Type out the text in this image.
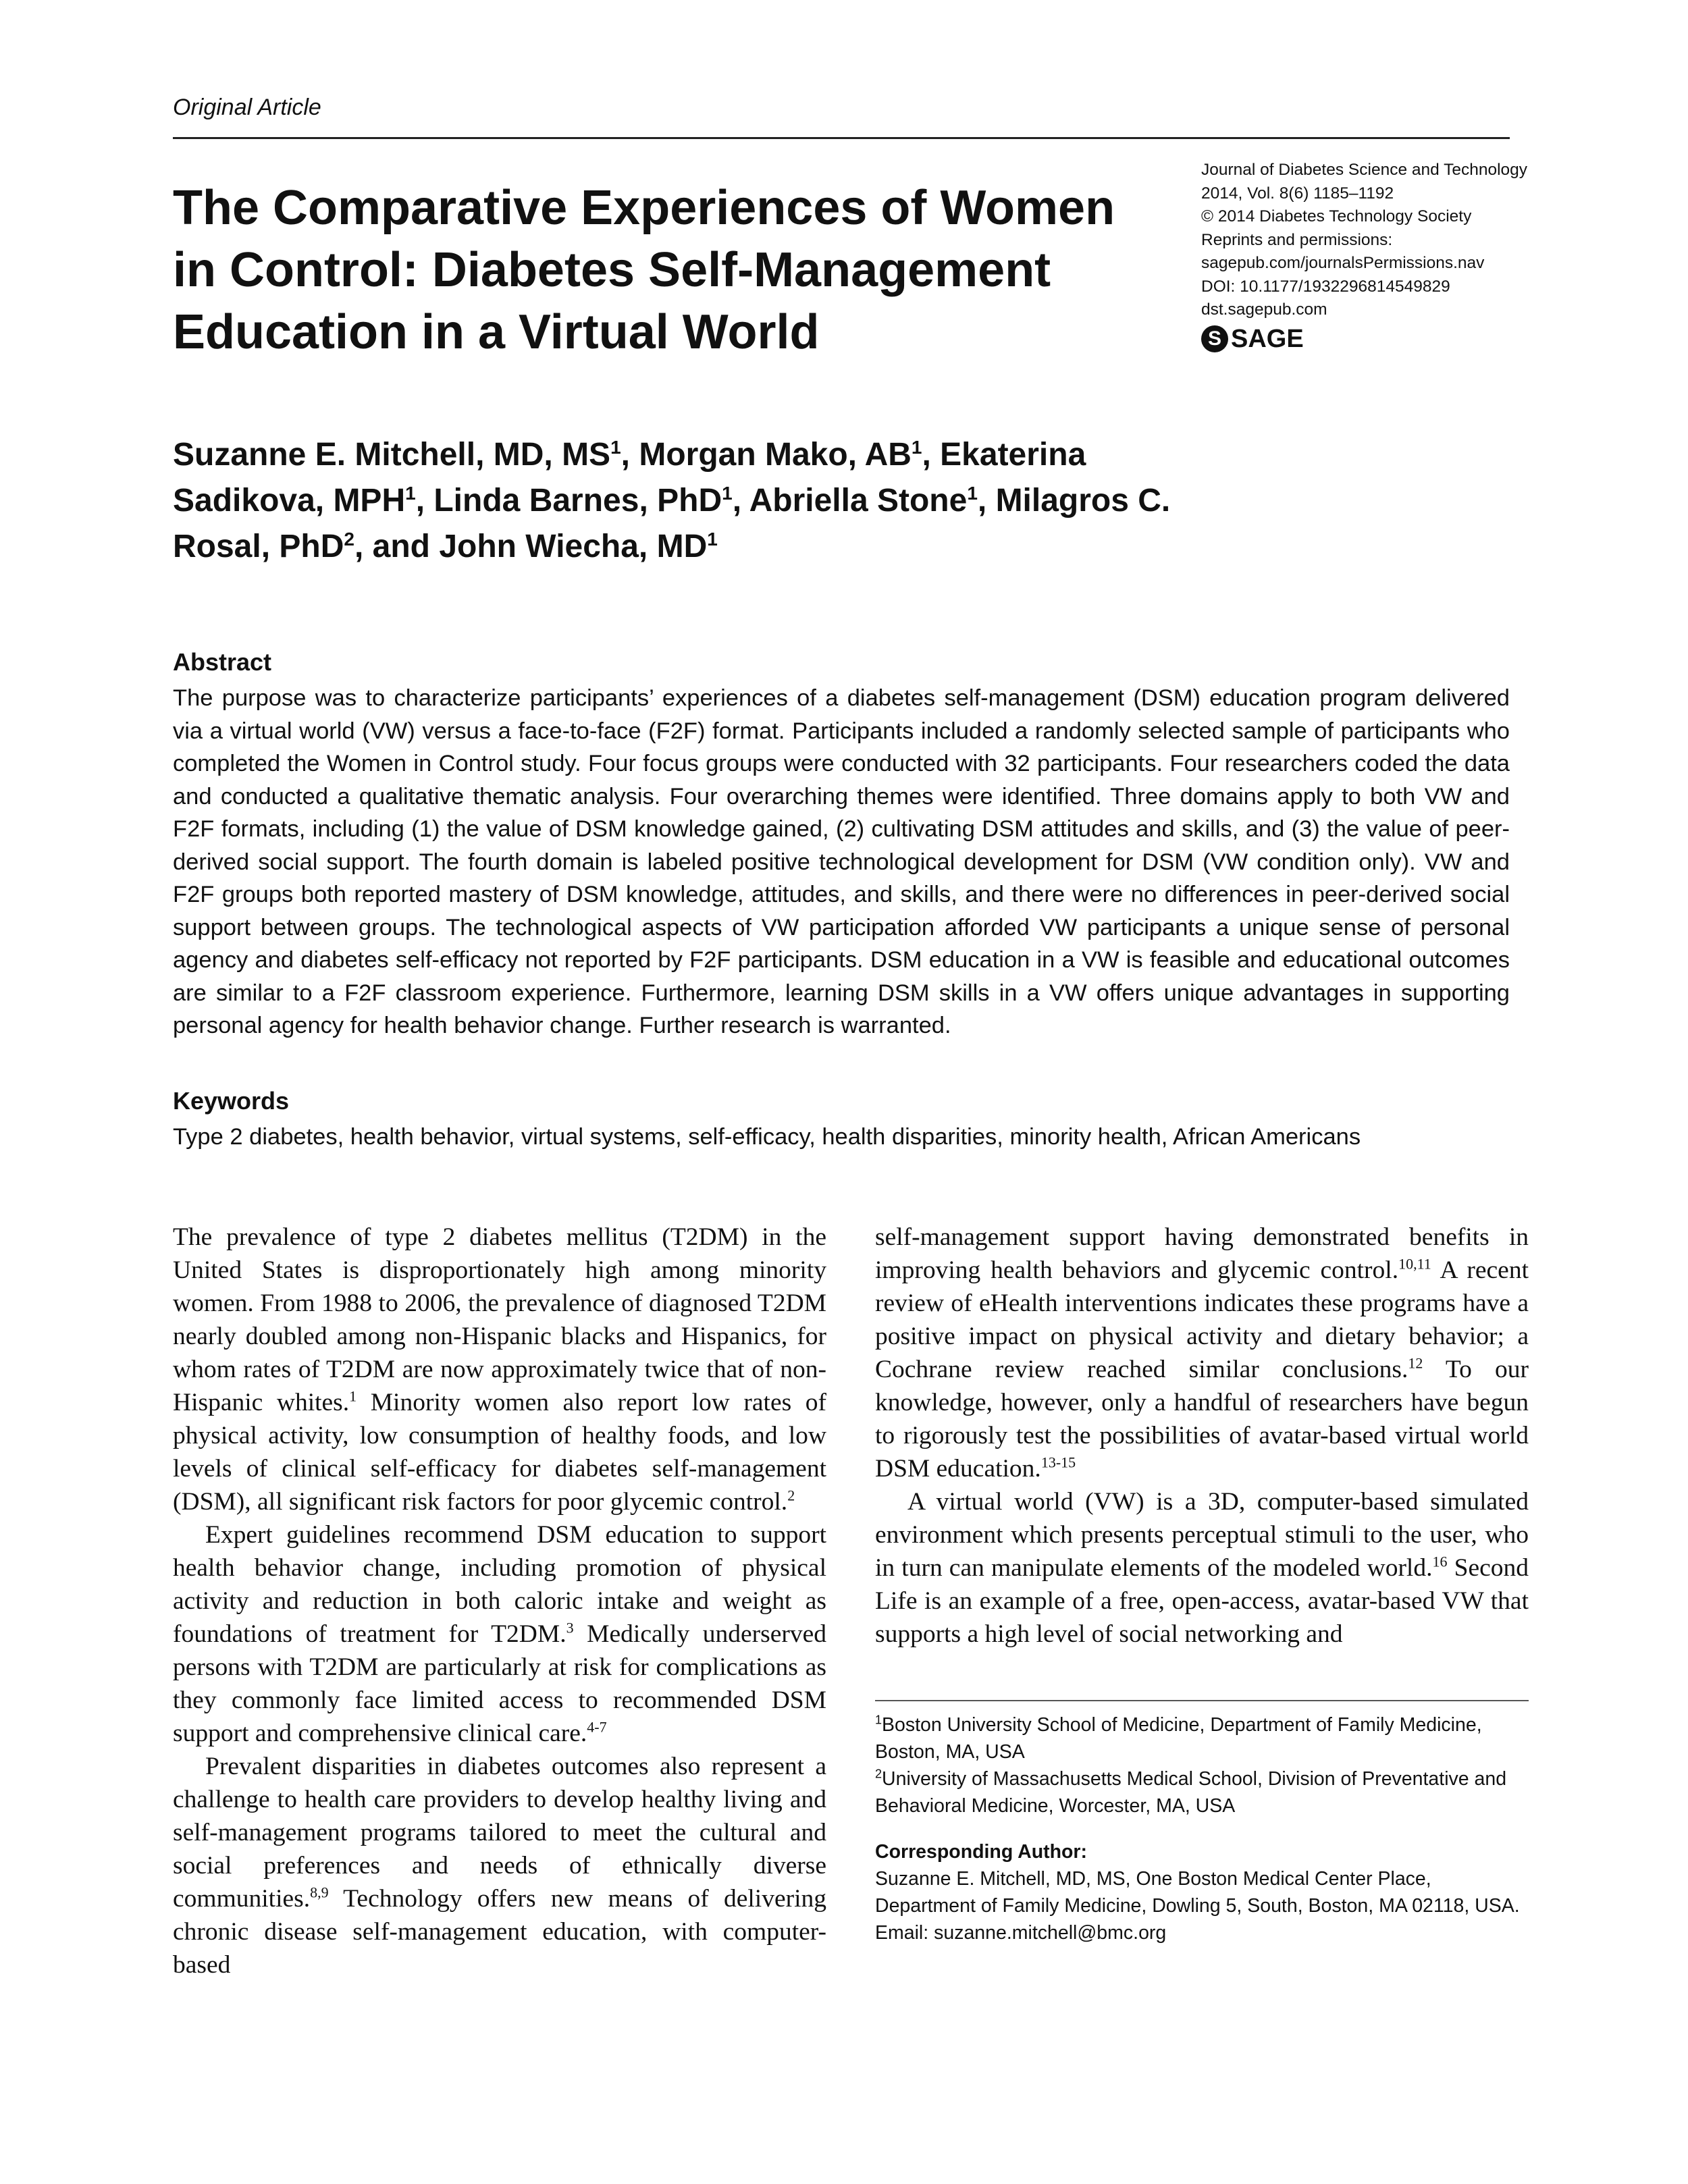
Original Article
The Comparative Experiences of Women
in Control: Diabetes Self-Management
Education in a Virtual World
Journal of Diabetes Science and Technology
2014, Vol. 8(6) 1185–1192
© 2014 Diabetes Technology Society
Reprints and permissions:
sagepub.com/journalsPermissions.nav
DOI: 10.1177/1932296814549829
dst.sagepub.com
S SAGE
Suzanne E. Mitchell, MD, $MS^1$, Morgan Mako, $AB^1$, Ekaterina Sadikova, MPH$^1$, Linda Barnes, PhD$^1$, Abriella Stone$^1$, Milagros C. Rosal, PhD$^2$, and John Wiecha, $MD^1$
Abstract

The purpose was to characterize participants’ experiences of a diabetes self-management (DSM) education program delivered via a virtual world (VW) versus a face-to-face (F2F) format. Participants included a randomly selected sample of participants who completed the Women in Control study. Four focus groups were conducted with 32 participants. Four researchers coded the data and conducted a qualitative thematic analysis. Four overarching themes were identified. Three domains apply to both VW and F2F formats, including (1) the value of DSM knowledge gained, (2) cultivating DSM attitudes and skills, and (3) the value of peer-derived social support. The fourth domain is labeled positive technological development for DSM (VW condition only). VW and F2F groups both reported mastery of DSM knowledge, attitudes, and skills, and there were no differences in peer-derived social support between groups. The technological aspects of VW participation afforded VW participants a unique sense of personal agency and diabetes self-efficacy not reported by F2F participants. DSM education in a VW is feasible and educational outcomes are similar to a F2F classroom experience. Furthermore, learning DSM skills in a VW offers unique advantages in supporting personal agency for health behavior change. Further research is warranted.

Keywords

Type 2 diabetes, health behavior, virtual systems, self-efficacy, health disparities, minority health, African Americans

The prevalence of type 2 diabetes mellitus (T2DM) in the United States is disproportionately high among minority women. From 1988 to 2006, the prevalence of diagnosed T2DM nearly doubled among non-Hispanic blacks and Hispanics, for whom rates of T2DM are now approximately twice that of non-Hispanic whites.$^1$ Minority women also report low rates of physical activity, low consumption of healthy foods, and low levels of clinical self-efficacy for diabetes self-management (DSM), all significant risk factors for poor glycemic control.$^2$

Expert guidelines recommend DSM education to support health behavior change, including promotion of physical activity and reduction in both caloric intake and weight as foundations of treatment for T2DM.$^3$ Medically underserved persons with T2DM are particularly at risk for complications as they commonly face limited access to recommended DSM support and comprehensive clinical care.$^{4-7}$

Prevalent disparities in diabetes outcomes also represent a challenge to health care providers to develop healthy living and self-management programs tailored to meet the cultural and social preferences and needs of ethnically diverse communities.$^{8,9}$ Technology offers new means of delivering chronic disease self-management education, with computer-based

self-management support having demonstrated benefits in improving health behaviors and glycemic control.$^{10,11}$ A recent review of eHealth interventions indicates these programs have a positive impact on physical activity and dietary behavior; a Cochrane review reached similar conclusions.$^{12}$ To our knowledge, however, only a handful of researchers have begun to rigorously test the possibilities of avatar-based virtual world DSM education.$^{13-15}$

A virtual world (VW) is a 3D, computer-based simulated environment which presents perceptual stimuli to the user, who in turn can manipulate elements of the modeled world.$^{16}$ Second Life is an example of a free, open-access, avatar-based VW that supports a high level of social networking and

$^1$Boston University School of Medicine, Department of Family Medicine, Boston, MA, USA

$^2$University of Massachusetts Medical School, Division of Preventative and Behavioral Medicine, Worcester, MA, USA

Corresponding Author:

Suzanne E. Mitchell, MD, MS, One Boston Medical Center Place, Department of Family Medicine, Dowling 5, South, Boston, MA 02118, USA.

Email: suzanne.mitchell@bmc.org
